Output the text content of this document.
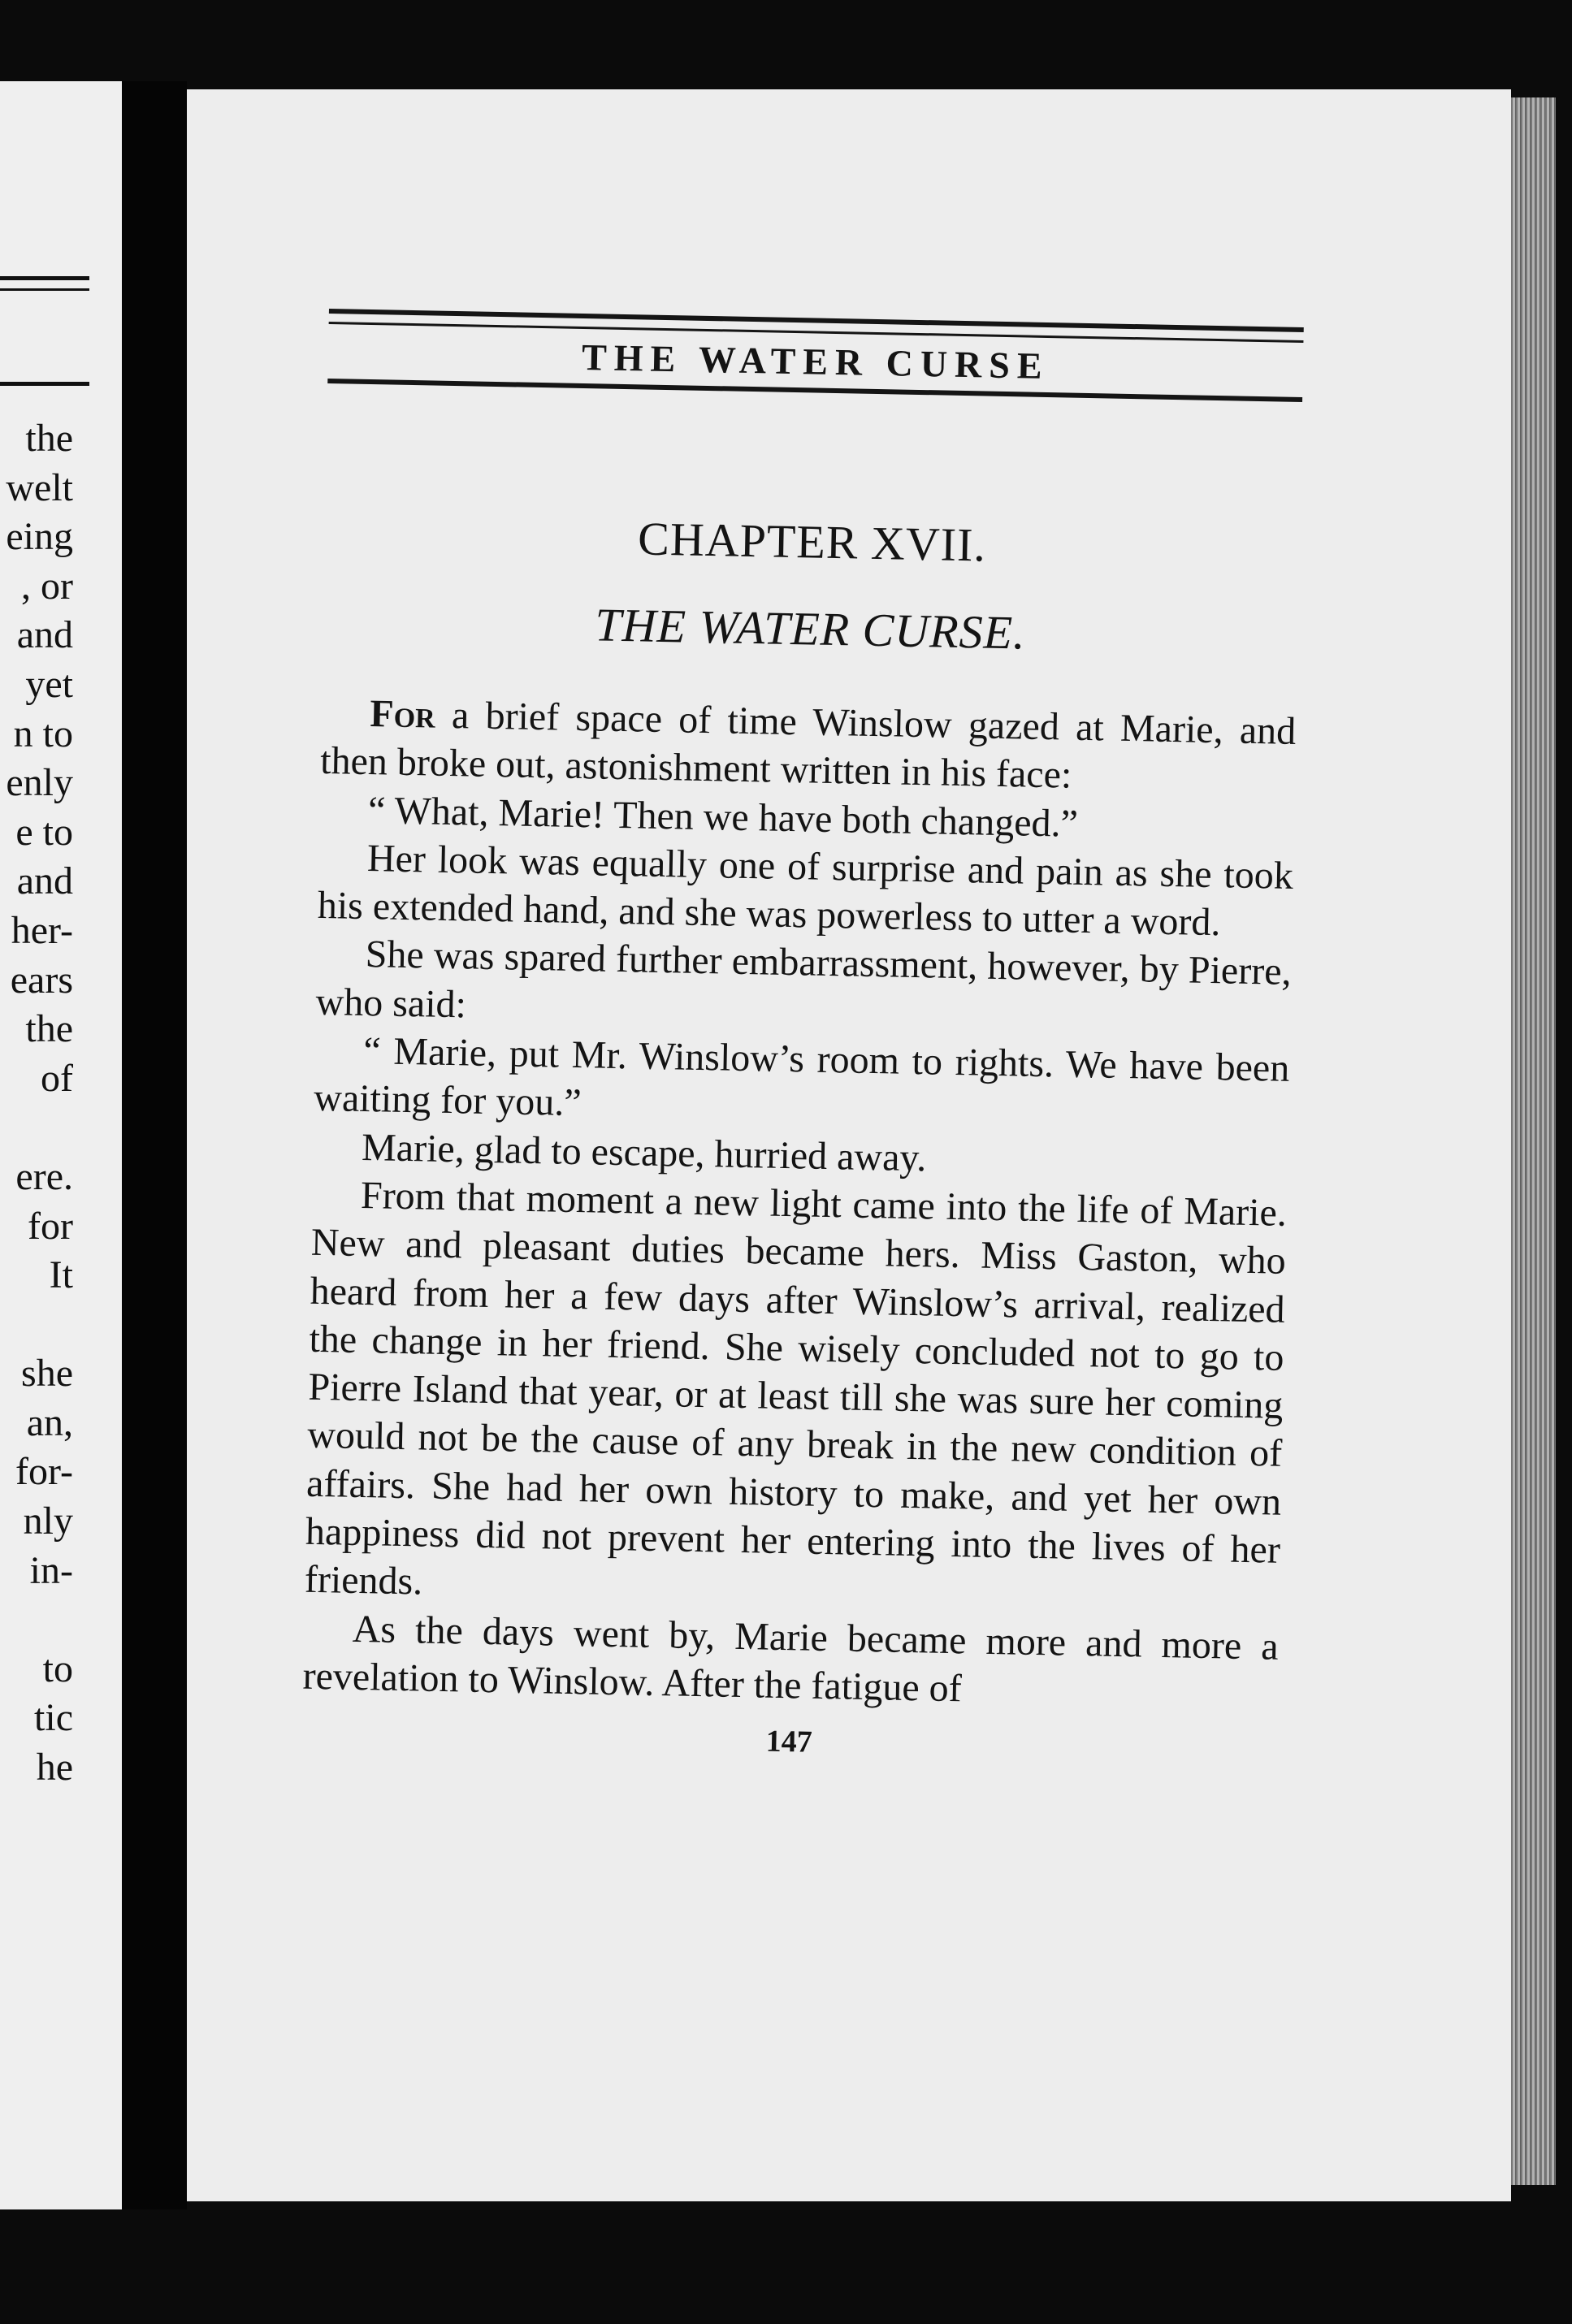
the
welt
eing
, or
and
yet
n to
enly
e to
and
her-
ears
the
of
ere.
for
It
she
an,
for-
nly
in-
to
tic
he
THE WATER CURSE
CHAPTER XVII.
THE WATER CURSE.

For a brief space of time Winslow gazed at Marie, and then broke out, astonishment written in his face:

“ What, Marie! Then we have both changed.”

Her look was equally one of surprise and pain as she took his extended hand, and she was powerless to utter a word.

She was spared further embarrassment, however, by Pierre, who said:

“ Marie, put Mr. Winslow’s room to rights. We have been waiting for you.”

Marie, glad to escape, hurried away.

From that moment a new light came into the life of Marie. New and pleasant duties became hers. Miss Gaston, who heard from her a few days after Winslow’s arrival, realized the change in her friend. She wisely concluded not to go to Pierre Island that year, or at least till she was sure her coming would not be the cause of any break in the new condition of affairs. She had her own history to make, and yet her own happiness did not prevent her entering into the lives of her friends.

As the days went by, Marie became more and more a revelation to Winslow. After the fatigue of

147
